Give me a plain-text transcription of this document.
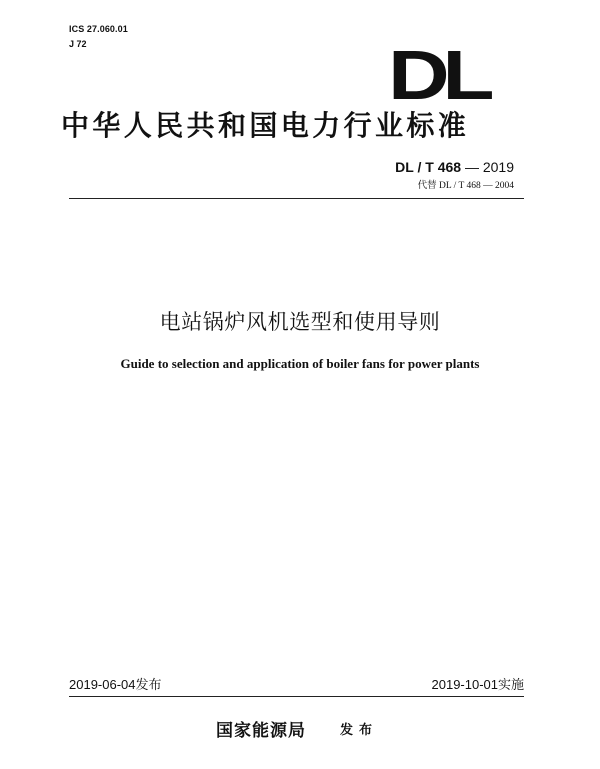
ICS 27.060.01
J 72	DL
中华人民共和国电力行业标准
DL / T 468 — 2019
代替 DL / T 468 — 2004
电站锅炉风机选型和使用导则
Guide to selection and application of boiler fans for power plants
2019-06-04发布	2019-10-01实施
国家能源局	发布
